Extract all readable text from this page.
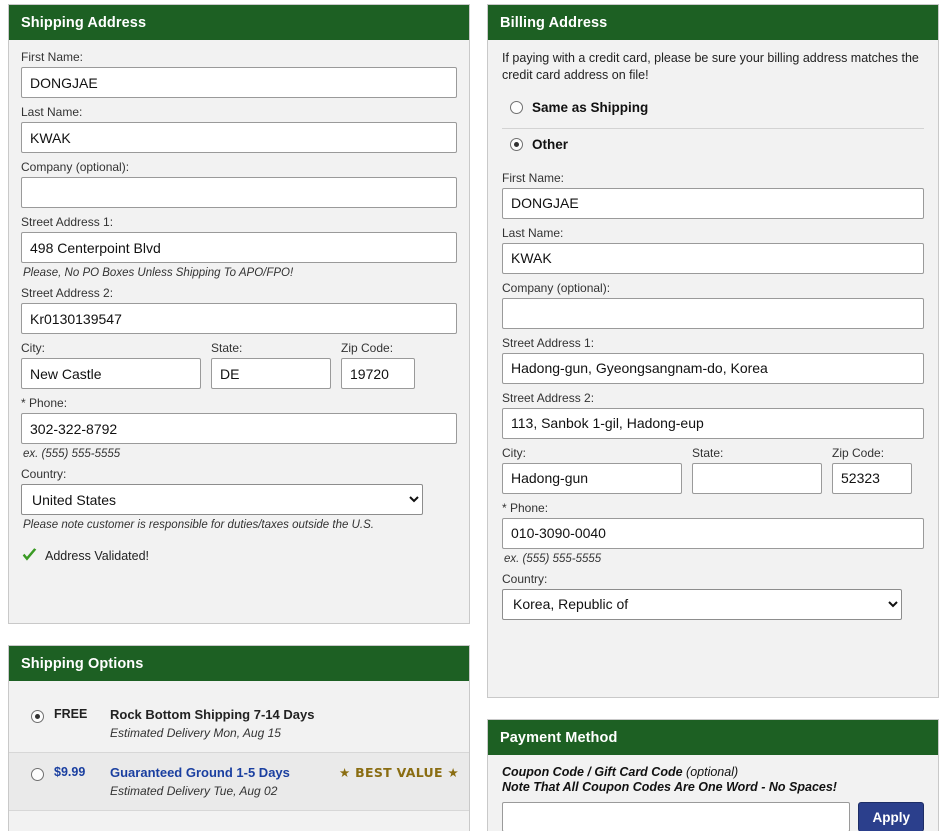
Shipping Address
First Name:
DONGJAE
Last Name:
KWAK
Company (optional):
Street Address 1:
498 Centerpoint Blvd
Please, No PO Boxes Unless Shipping To APO/FPO!
Street Address 2:
Kr0130139547
City:
New Castle	State:
DE	Zip Code:
19720
* Phone:
302-322-8792
ex. (555) 555-5555
Country:
United States
Please note customer is responsible for duties/taxes outside the U.S.
Address Validated!
Shipping Options
FREE	Rock Bottom Shipping 7-14 Days
Estimated Delivery Mon, Aug 15
$9.99	Guaranteed Ground 1-5 Days
Estimated Delivery Tue, Aug 02
★ BEST VALUE ★
Billing Address

If paying with a credit card, please be sure your billing address matches the credit card address on file!

Same as Shipping
Other
First Name:
DONGJAE
Last Name:
KWAK
Company (optional):
Street Address 1:
Hadong-gun, Gyeongsangnam-do, Korea
Street Address 2:
113, Sanbok 1-gil, Hadong-eup
City:
Hadong-gun	State:	Zip Code:
52323
* Phone:
010-3090-0040
ex. (555) 555-5555
Country:
Korea, Republic of
Payment Method
Coupon Code / Gift Card Code (optional)
Note That All Coupon Codes Are One Word - No Spaces!
Apply
